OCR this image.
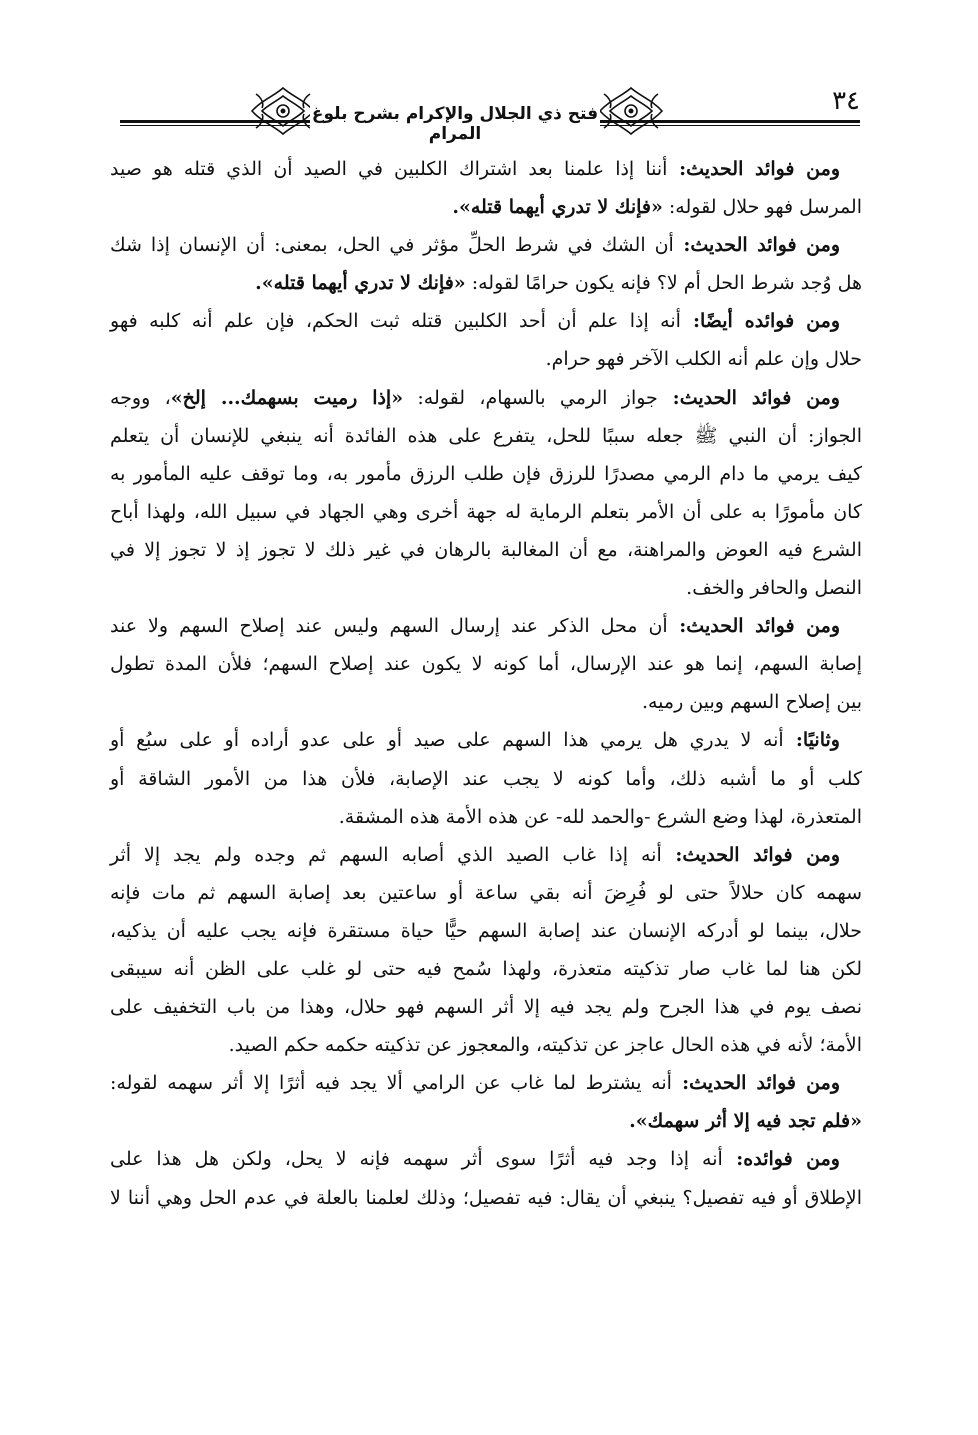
٣٤
فتح ذي الجلال والإكرام بشرح بلوغ المرام
ومن فوائد الحديث: أننا إذا علمنا بعد اشتراك الكلبين في الصيد أن الذي قتله هو صيد
المرسل فهو حلال لقوله: «فإنك لا تدري أيهما قتله».
ومن فوائد الحديث: أن الشك في شرط الحلِّ مؤثر في الحل، بمعنى: أن الإنسان إذا شك
هل وُجد شرط الحل أم لا؟ فإنه يكون حرامًا لقوله: «فإنك لا تدري أيهما قتله».
ومن فوائده أيضًا: أنه إذا علم أن أحد الكلبين قتله ثبت الحكم، فإن علم أنه كلبه فهو
حلال وإن علم أنه الكلب الآخر فهو حرام.
ومن فوائد الحديث: جواز الرمي بالسهام، لقوله: «إذا رميت بسهمك... إلخ»، ووجه
الجواز: أن النبي ﷺ جعله سببًا للحل، يتفرع على هذه الفائدة أنه ينبغي للإنسان أن يتعلم
كيف يرمي ما دام الرمي مصدرًا للرزق فإن طلب الرزق مأمور به، وما توقف عليه المأمور به
كان مأمورًا به على أن الأمر بتعلم الرماية له جهة أخرى وهي الجهاد في سبيل الله، ولهذا أباح
الشرع فيه العوض والمراهنة، مع أن المغالبة بالرهان في غير ذلك لا تجوز إذ لا تجوز إلا في
النصل والحافر والخف.
ومن فوائد الحديث: أن محل الذكر عند إرسال السهم وليس عند إصلاح السهم ولا عند
إصابة السهم، إنما هو عند الإرسال، أما كونه لا يكون عند إصلاح السهم؛ فلأن المدة تطول
بين إصلاح السهم وبين رميه.
وثانيًا: أنه لا يدري هل يرمي هذا السهم على صيد أو على عدو أراده أو على سبُع أو
كلب أو ما أشبه ذلك، وأما كونه لا يجب عند الإصابة، فلأن هذا من الأمور الشاقة أو
المتعذرة، لهذا وضع الشرع -والحمد لله- عن هذه الأمة هذه المشقة.
ومن فوائد الحديث: أنه إذا غاب الصيد الذي أصابه السهم ثم وجده ولم يجد إلا أثر
سهمه كان حلالاً حتى لو فُرِضَ أنه بقي ساعة أو ساعتين بعد إصابة السهم ثم مات فإنه
حلال، بينما لو أدركه الإنسان عند إصابة السهم حيًّا حياة مستقرة فإنه يجب عليه أن يذكيه،
لكن هنا لما غاب صار تذكيته متعذرة، ولهذا سُمح فيه حتى لو غلب على الظن أنه سيبقى
نصف يوم في هذا الجرح ولم يجد فيه إلا أثر السهم فهو حلال، وهذا من باب التخفيف على
الأمة؛ لأنه في هذه الحال عاجز عن تذكيته، والمعجوز عن تذكيته حكمه حكم الصيد.
ومن فوائد الحديث: أنه يشترط لما غاب عن الرامي ألا يجد فيه أثرًا إلا أثر سهمه لقوله:
«فلم تجد فيه إلا أثر سهمك».
ومن فوائده: أنه إذا وجد فيه أثرًا سوى أثر سهمه فإنه لا يحل، ولكن هل هذا على
الإطلاق أو فيه تفصيل؟ ينبغي أن يقال: فيه تفصيل؛ وذلك لعلمنا بالعلة في عدم الحل وهي أننا لا
